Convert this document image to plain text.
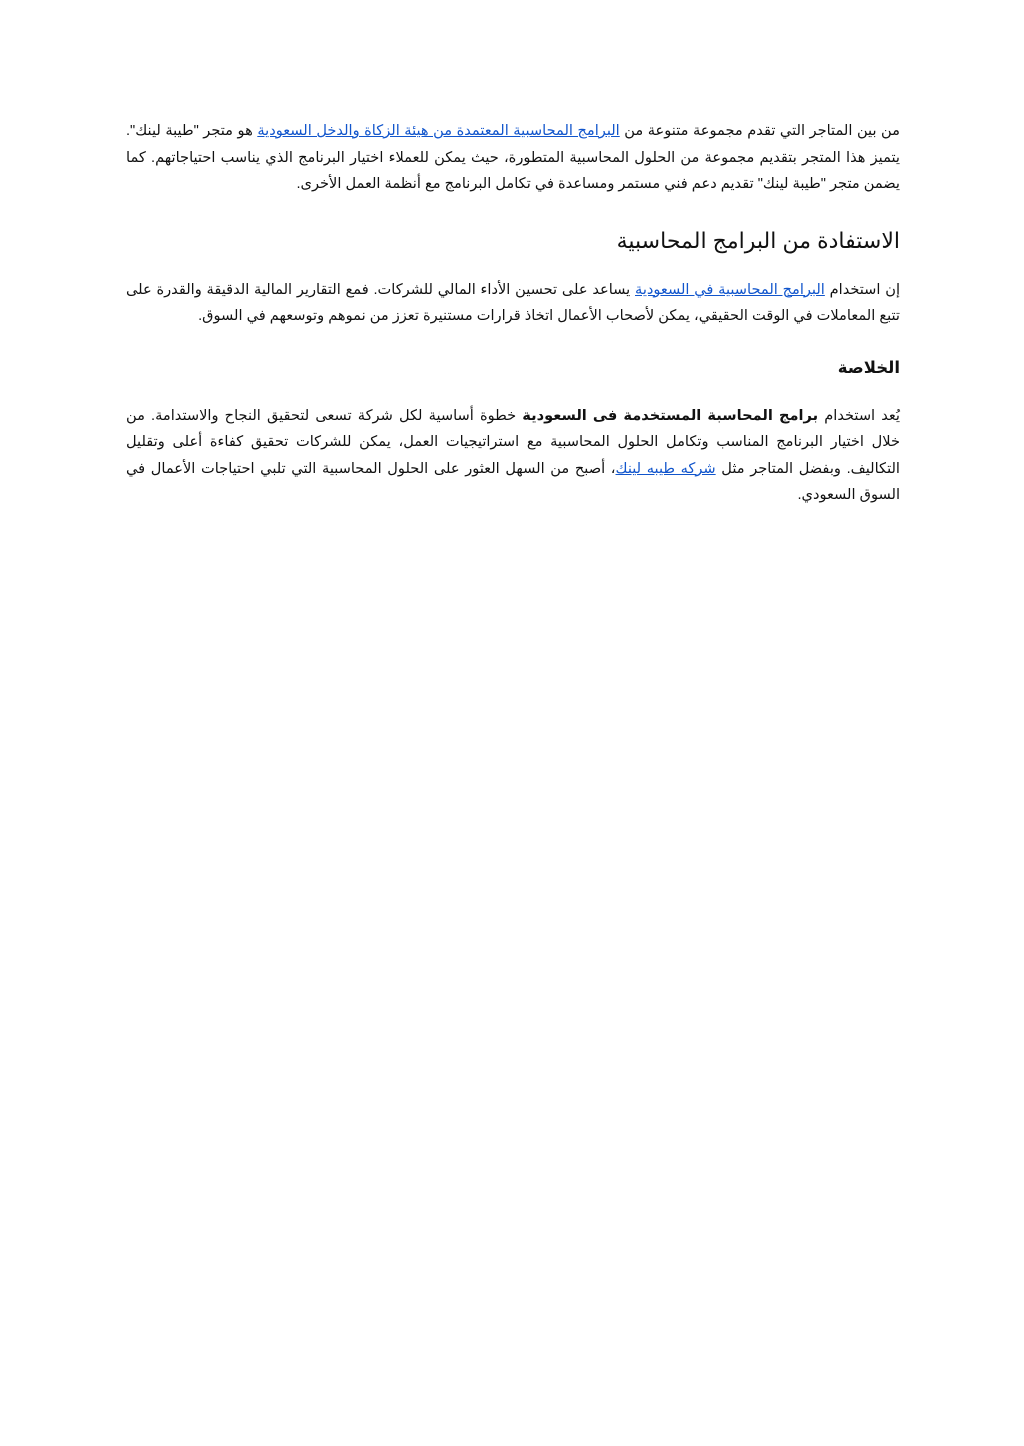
من بين المتاجر التي تقدم مجموعة متنوعة من البرامج المحاسبية المعتمدة من هيئة الزكاة والدخل السعودية هو متجر "طيبة لينك". يتميز هذا المتجر بتقديم مجموعة من الحلول المحاسبية المتطورة، حيث يمكن للعملاء اختيار البرنامج الذي يناسب احتياجاتهم. كما يضمن متجر "طيبة لينك" تقديم دعم فني مستمر ومساعدة في تكامل البرنامج مع أنظمة العمل الأخرى.

الاستفادة من البرامج المحاسبية

إن استخدام البرامج المحاسبية في السعودية يساعد على تحسين الأداء المالي للشركات. فمع التقارير المالية الدقيقة والقدرة على تتبع المعاملات في الوقت الحقيقي، يمكن لأصحاب الأعمال اتخاذ قرارات مستنيرة تعزز من نموهم وتوسعهم في السوق.

الخلاصة

يُعد استخدام برامج المحاسبة المستخدمة فى السعودية خطوة أساسية لكل شركة تسعى لتحقيق النجاح والاستدامة. من خلال اختيار البرنامج المناسب وتكامل الحلول المحاسبية مع استراتيجيات العمل، يمكن للشركات تحقيق كفاءة أعلى وتقليل التكاليف. وبفضل المتاجر مثل شركه طيبه لينك، أصبح من السهل العثور على الحلول المحاسبية التي تلبي احتياجات الأعمال في السوق السعودي.
